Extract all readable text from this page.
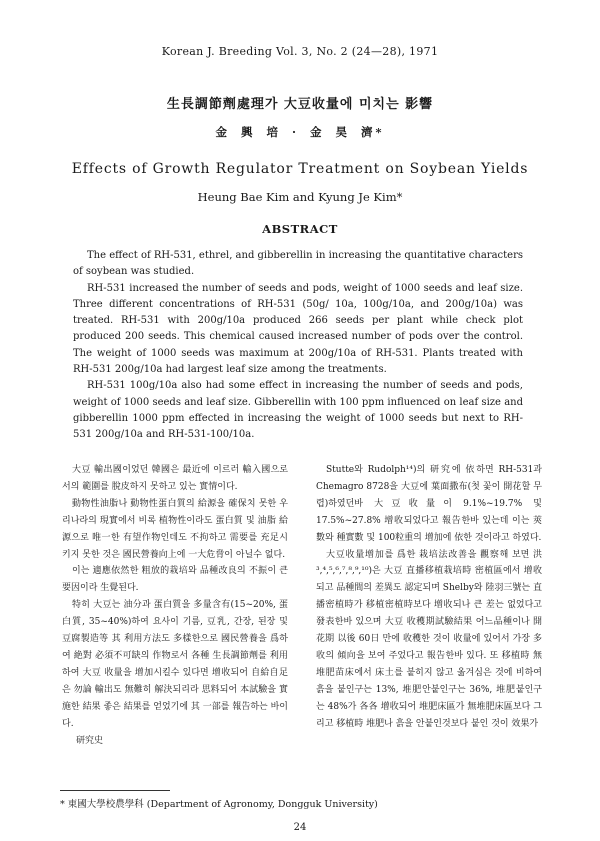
Korean J. Breeding Vol. 3, No. 2 (24—28), 1971
生長調節劑處理가 大豆收量에 미치는 影響
金 興 培 · 金 昊 濟*
Effects of Growth Regulator Treatment on Soybean Yields
Heung Bae Kim and Kyung Je Kim*
ABSTRACT

The effect of RH-531, ethrel, and gibberellin in increasing the quantitative characters of soybean was studied.

RH-531 increased the number of seeds and pods, weight of 1000 seeds and leaf size. Three different concentrations of RH-531 (50g/ 10a, 100g/10a, and 200g/10a) was treated. RH-531 with 200g/10a produced 266 seeds per plant while check plot produced 200 seeds. This chemical caused increased number of pods over the control. The weight of 1000 seeds was maximum at 200g/10a of RH-531. Plants treated with RH-531 200g/10a had largest leaf size among the treatments.

RH-531 100g/10a also had some effect in increasing the number of seeds and pods, weight of 1000 seeds and leaf size. Gibberellin with 100 ppm influenced on leaf size and gibberellin 1000 ppm effected in increasing the weight of 1000 seeds but next to RH-531 200g/10a and RH-531-100/10a.

大豆 輸出國이었던 韓國은 最近에 이르러 輸入國으로서의 範圍를 脫皮하지 못하고 있는 實情이다.

動物性油脂나 動物性蛋白質의 給源을 確保치 못한 우리나라의 現實에서 비록 植物性이라도 蛋白質 및 油脂 給源으로 唯一한 有望作物인데도 不拘하고 需要를 充足시키지 못한 것은 國民營養向上에 一大危脅이 아닐수 없다.

이는 適應依然한 粗放的栽培와 品種改良의 不振이 큰 要因이라 生覺된다.

特히 大豆는 油分과 蛋白質을 多量含有(15~20%, 蛋白質, 35~40%)하여 요사이 기름, 豆乳, 간장, 된장 및 豆腐製造等 其 利用方法도 多樣한으로 國民營養을 爲하여 絶對 必須不可缺의 作物로서 各種 生長調節劑를 利用하여 大豆 收量을 增加시킬수 있다면 增收되어 自給自足은 勿論 輸出도 無難히 解決되리라 思料되어 本試驗을 實施한 結果 좋은 結果를 얻었기에 其 一部를 報告하는 바이다.

研究史

Stutte와 Rudolph¹⁴)의 研究에 依하면 RH-531과 Chemagro 8728을 大豆에 葉面撒布(첫 꽃이 開花할 무렵)하였던바 大豆收量이 9.1%~19.7% 및 17.5%~27.8% 增收되었다고 報告한바 있는데 이는 莢數와 種實數 및 100粒重의 增加에 依한 것이라고 하였다.

大豆收量增加를 爲한 栽培法改善을 觀察해 보면 洪³,⁴,⁵,⁶,⁷,⁸,⁹,¹⁰)은 大豆 直播移植栽培時 密植區에서 增收되고 品種間의 差異도 認定되며 Shelby와 陸羽三號는 直播密植時가 移植密植時보다 增收되나 큰 差는 없었다고 發表한바 있으며 大豆 收穫期試驗結果 어느品種이나 開花期 以後 60日 만에 收穫한 것이 收量에 있어서 가장 多收의 傾向을 보여 주었다고 報告한바 있다. 또 移植時 無堆肥苗床에서 床土를 붙히지 않고 옮겨심은 것에 비하여 흙을 붙인구는 13%, 堆肥안붙인구는 36%, 堆肥붙인구는 48%가 各各 增收되어 堆肥床區가 無堆肥床區보다 그리고 移植時 堆肥나 흙을 안붙인것보다 붙인 것이 效果가

* 東國大學校農學科 (Department of Agronomy, Dongguk University)
24
